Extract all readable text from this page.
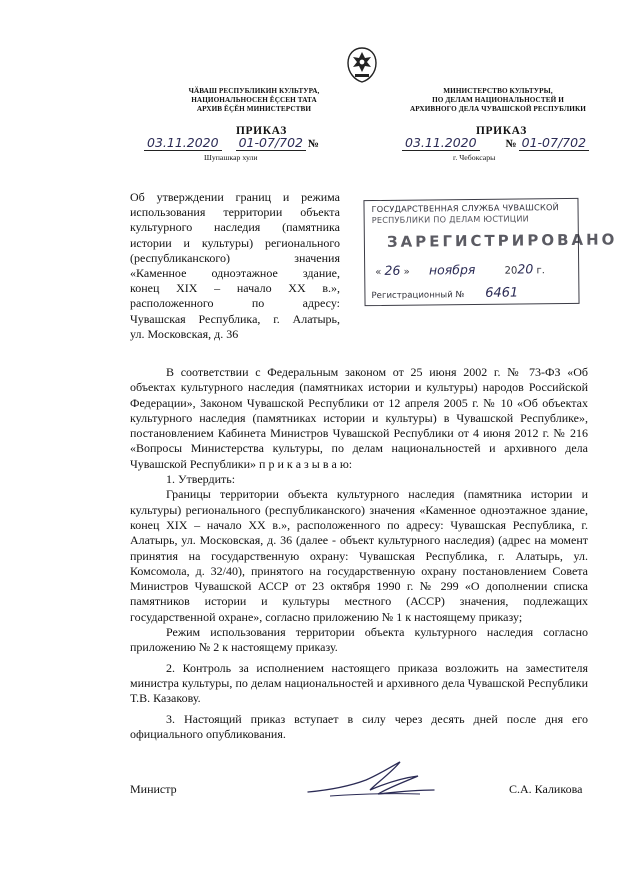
ЧӐВАШ РЕСПУБЛИКИН КУЛЬТУРА,
НАЦИОНАЛЬНОСЕН ĔҪСЕН ТАТА
АРХИВ ĔҪĔН МИНИСТЕРСТВИ
МИНИСТЕРСТВО КУЛЬТУРЫ,
ПО ДЕЛАМ НАЦИОНАЛЬНОСТЕЙ И
АРХИВНОГО ДЕЛА ЧУВАШСКОЙ РЕСПУБЛИКИ
ПРИКАЗ	ПРИКАЗ
03.11.2020 01-07/702 №	03.11.2020	№ 01-07/702
Шупашкар хули	г. Чебоксары
Об утверждении границ и режима
использования территории объекта
культурного наследия (памятника
истории и культуры) регионального
(республиканского) значения
«Каменное одноэтажное здание,
конец XIX – начало XX в.»,
расположенного по адресу:
Чувашская Республика, г. Алатырь,
ул. Московская, д. 36
ГОСУДАРСТВЕННАЯ СЛУЖБА ЧУВАШСКОЙ
РЕСПУБЛИКИ ПО ДЕЛАМ ЮСТИЦИИ
ЗАРЕГИСТРИРОВАНО
« 26 » ноября	2020 г.
Регистрационный № 6461

В соответствии с Федеральным законом от 25 июня 2002 г. № 73-ФЗ «Об объектах культурного наследия (памятниках истории и культуры) народов Российской Федерации», Законом Чувашской Республики от 12 апреля 2005 г. № 10 «Об объектах культурного наследия (памятниках истории и культуры) в Чувашской Республике», постановлением Кабинета Министров Чувашской Республики от 4 июня 2012 г. № 216 «Вопросы Министерства культуры, по делам национальностей и архивного дела Чувашской Республики» п р и к а з ы в а ю:

1. Утвердить:

Границы территории объекта культурного наследия (памятника истории и культуры) регионального (республиканского) значения «Каменное одноэтажное здание, конец XIX – начало XX в.», расположенного по адресу: Чувашская Республика, г. Алатырь, ул. Московская, д. 36 (далее - объект культурного наследия) (адрес на момент принятия на государственную охрану: Чувашская Республика, г. Алатырь, ул. Комсомола, д. 32/40), принятого на государственную охрану постановлением Совета Министров Чувашской АССР от 23 октября 1990 г. № 299 «О дополнении списка памятников истории и культуры местного (АССР) значения, подлежащих государственной охране», согласно приложению № 1 к настоящему приказу;

Режим использования территории объекта культурного наследия согласно приложению № 2 к настоящему приказу.

2. Контроль за исполнением настоящего приказа возложить на заместителя министра культуры, по делам национальностей и архивного дела Чувашской Республики Т.В. Казакову.

3. Настоящий приказ вступает в силу через десять дней после дня его официального опубликования.

Министр	С.А. Каликова
